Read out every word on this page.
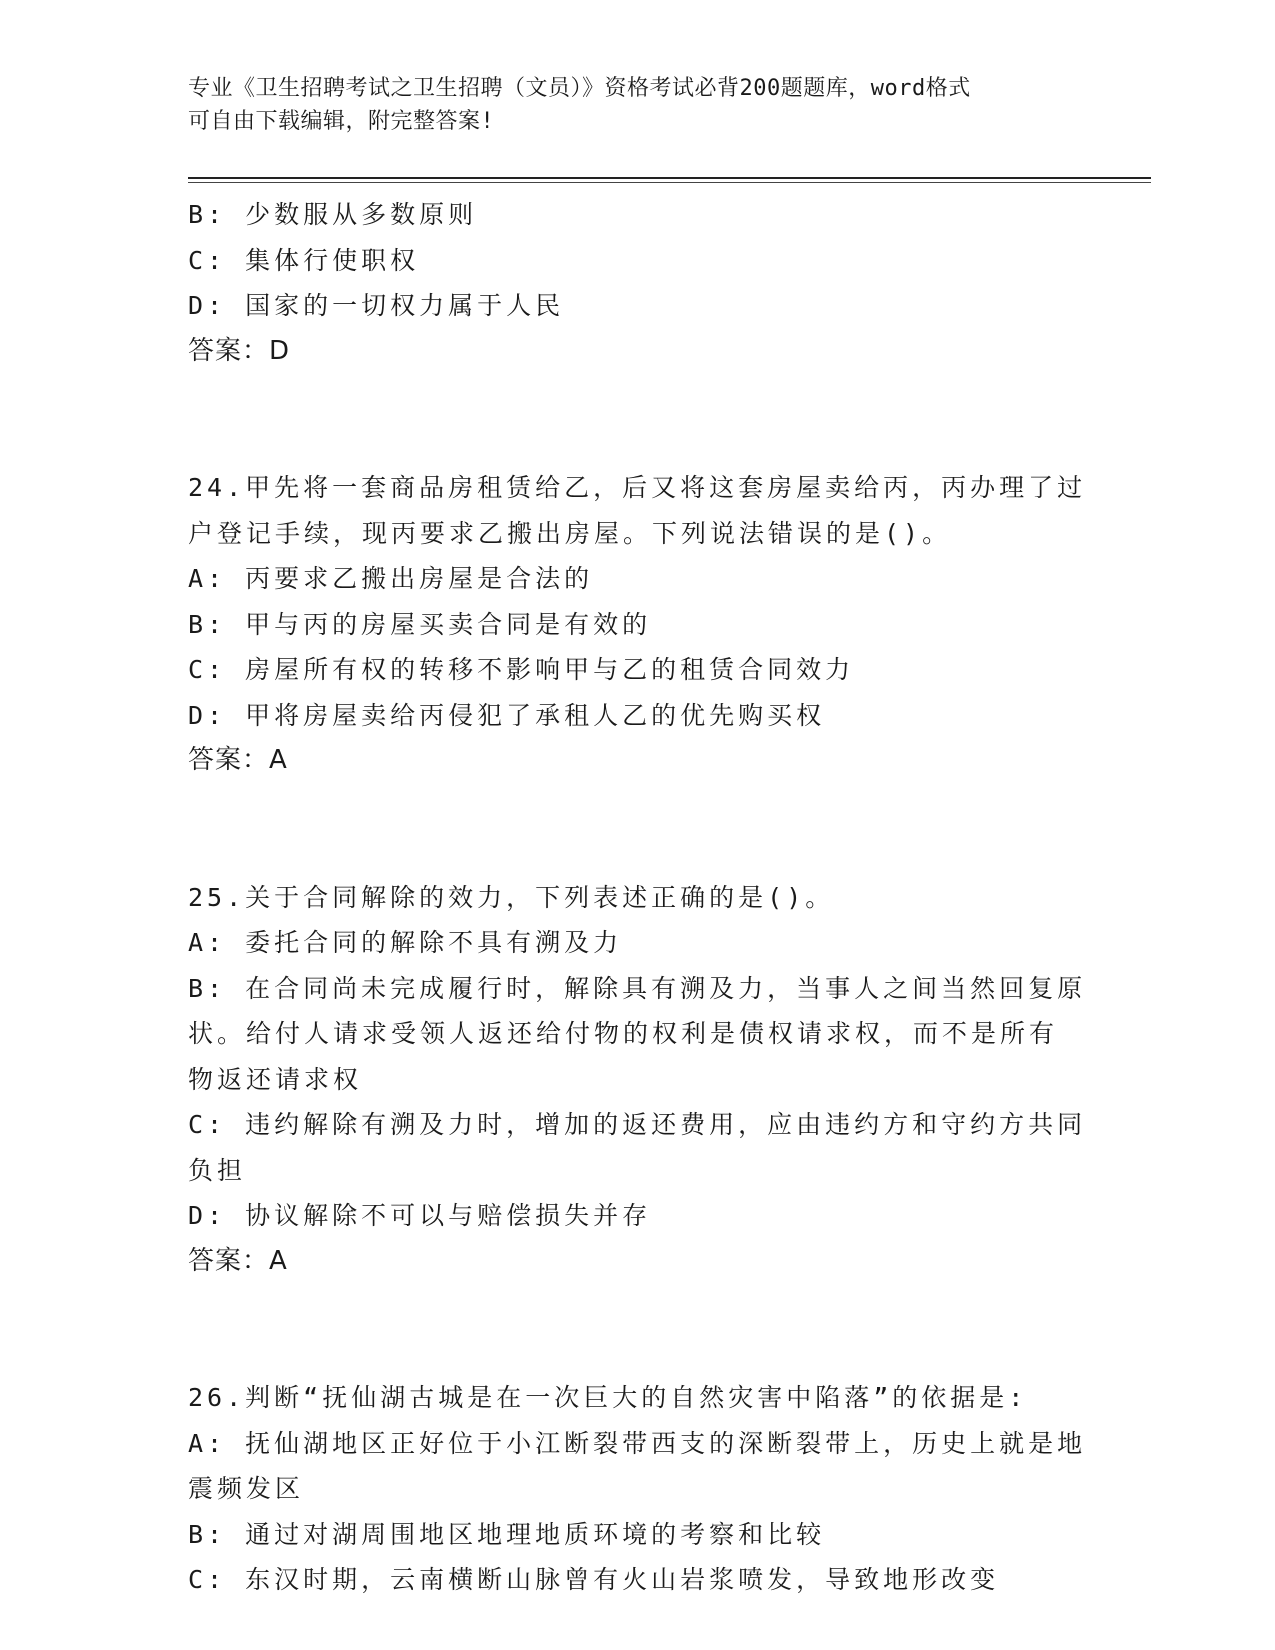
专业《卫生招聘考试之卫生招聘（文员）》资格考试必背200题题库，word格式
可自由下载编辑，附完整答案!
B: 少数服从多数原则
C: 集体行使职权
D: 国家的一切权力属于人民
答案：D
24.甲先将一套商品房租赁给乙，后又将这套房屋卖给丙，丙办理了过
户登记手续，现丙要求乙搬出房屋。下列说法错误的是()。
A: 丙要求乙搬出房屋是合法的
B: 甲与丙的房屋买卖合同是有效的
C: 房屋所有权的转移不影响甲与乙的租赁合同效力
D: 甲将房屋卖给丙侵犯了承租人乙的优先购买权
答案：A
25.关于合同解除的效力，下列表述正确的是()。
A: 委托合同的解除不具有溯及力
B: 在合同尚未完成履行时，解除具有溯及力，当事人之间当然回复原
状。给付人请求受领人返还给付物的权利是债权请求权，而不是所有
物返还请求权
C: 违约解除有溯及力时，增加的返还费用，应由违约方和守约方共同
负担
D: 协议解除不可以与赔偿损失并存
答案：A
26.判断“抚仙湖古城是在一次巨大的自然灾害中陷落”的依据是:
A: 抚仙湖地区正好位于小江断裂带西支的深断裂带上，历史上就是地
震频发区
B: 通过对湖周围地区地理地质环境的考察和比较
C: 东汉时期，云南横断山脉曾有火山岩浆喷发，导致地形改变
